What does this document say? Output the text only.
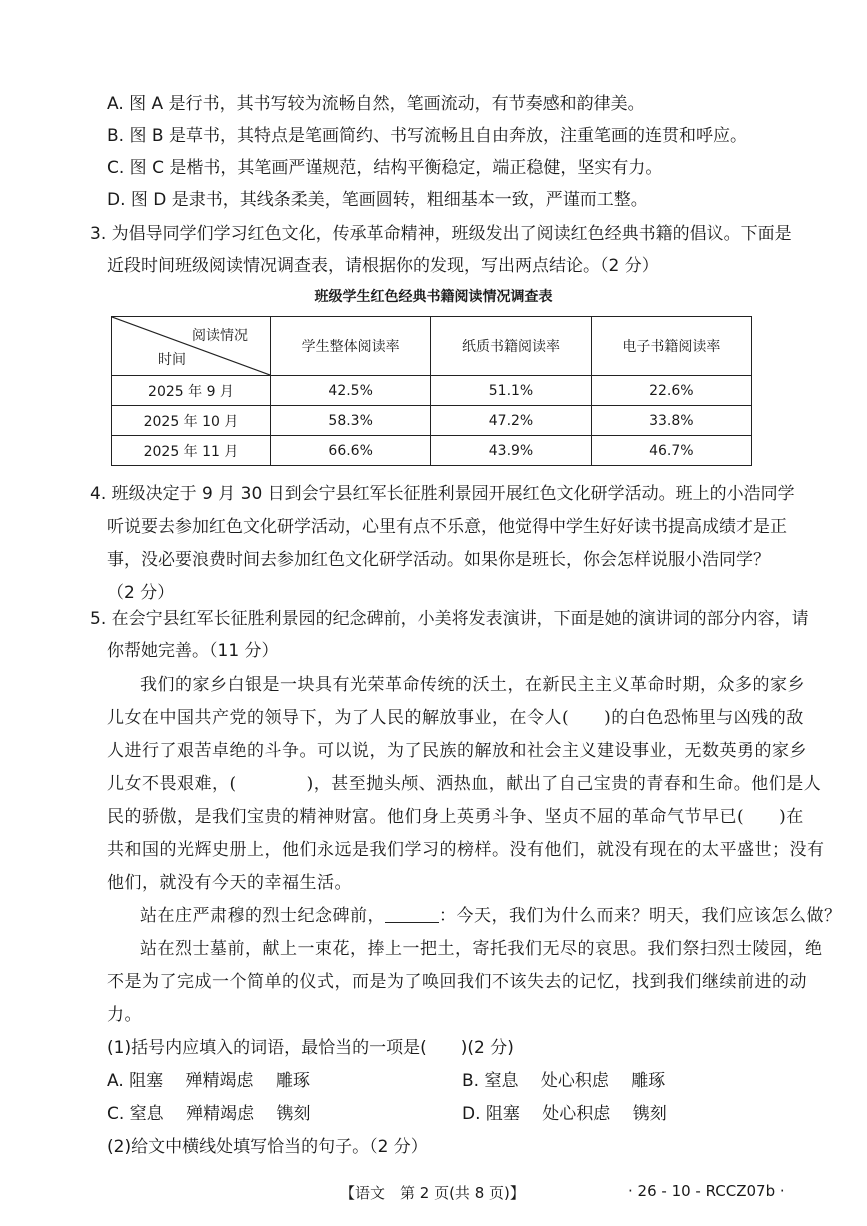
A. 图 A 是行书，其书写较为流畅自然，笔画流动，有节奏感和韵律美。
B. 图 B 是草书，其特点是笔画简约、书写流畅且自由奔放，注重笔画的连贯和呼应。
C. 图 C 是楷书，其笔画严谨规范，结构平衡稳定，端正稳健，坚实有力。
D. 图 D 是隶书，其线条柔美，笔画圆转，粗细基本一致，严谨而工整。
3. 为倡导同学们学习红色文化，传承革命精神，班级发出了阅读红色经典书籍的倡议。下面是
近段时间班级阅读情况调查表，请根据你的发现，写出两点结论。（2 分）
班级学生红色经典书籍阅读情况调查表
阅读情况
时间	学生整体阅读率	纸质书籍阅读率	电子书籍阅读率
2025 年 9 月	42.5%	51.1%	22.6%
2025 年 10 月	58.3%	47.2%	33.8%
2025 年 11 月	66.6%	43.9%	46.7%
4. 班级决定于 9 月 30 日到会宁县红军长征胜利景园开展红色文化研学活动。班上的小浩同学
听说要去参加红色文化研学活动，心里有点不乐意，他觉得中学生好好读书提高成绩才是正
事，没必要浪费时间去参加红色文化研学活动。如果你是班长，你会怎样说服小浩同学？
（2 分）
5. 在会宁县红军长征胜利景园的纪念碑前，小美将发表演讲，下面是她的演讲词的部分内容，请
你帮她完善。（11 分）
我们的家乡白银是一块具有光荣革命传统的沃土，在新民主主义革命时期，众多的家乡
儿女在中国共产党的领导下，为了人民的解放事业，在令人(　　)的白色恐怖里与凶残的敌
人进行了艰苦卓绝的斗争。可以说，为了民族的解放和社会主义建设事业，无数英勇的家乡
儿女不畏艰难，(　　　　)，甚至抛头颅、洒热血，献出了自己宝贵的青春和生命。他们是人
民的骄傲，是我们宝贵的精神财富。他们身上英勇斗争、坚贞不屈的革命气节早已(　　)在
共和国的光辉史册上，他们永远是我们学习的榜样。没有他们，就没有现在的太平盛世；没有
他们，就没有今天的幸福生活。
站在庄严肃穆的烈士纪念碑前，	：今天，我们为什么而来？明天，我们应该怎么做？
站在烈士墓前，献上一束花，捧上一把土，寄托我们无尽的哀思。我们祭扫烈士陵园，绝
不是为了完成一个简单的仪式，而是为了唤回我们不该失去的记忆，找到我们继续前进的动
力。
(1)括号内应填入的词语，最恰当的一项是(　　)(2 分)
A. 阻塞　 殚精竭虑　 雕琢	B. 窒息　 处心积虑　 雕琢
C. 窒息　 殚精竭虑　 镌刻	D. 阻塞　 处心积虑　 镌刻
(2)给文中横线处填写恰当的句子。（2 分）
【语文　第 2 页(共 8 页)】	· 26 - 10 - RCCZ07b ·
